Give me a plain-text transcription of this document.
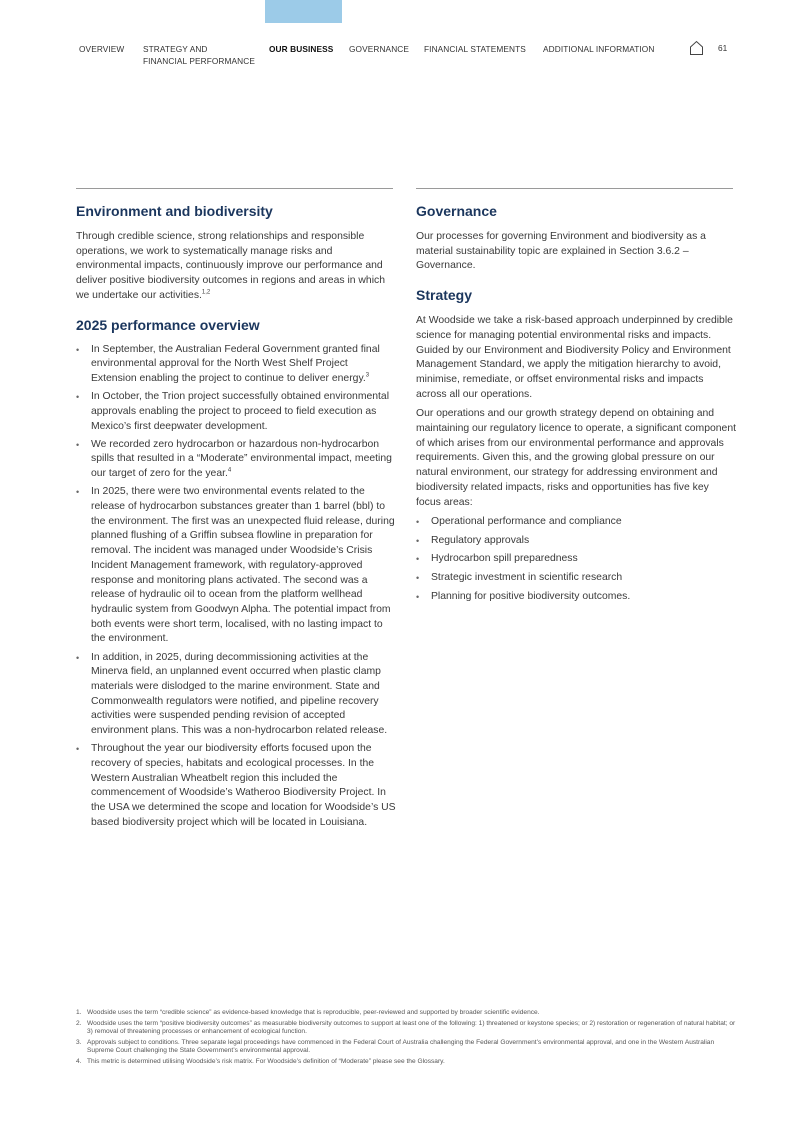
OVERVIEW STRATEGY AND
FINANCIAL PERFORMANCE
OUR BUSINESS GOVERNANCE FINANCIAL STATEMENTS ADDITIONAL INFORMATION	61
Environment and biodiversity

Through credible science, strong relationships and responsible operations, we work to systematically manage risks and environmental impacts, continuously improve our performance and deliver positive biodiversity outcomes in regions and areas in which we undertake our activities.$^{1,2}$

2025 performance overview
• In September, the Australian Federal Government granted final environmental approval for the North West Shelf Project Extension enabling the project to continue to deliver energy.$^3$
• In October, the Trion project successfully obtained environmental approvals enabling the project to proceed to field execution as Mexico’s first deepwater development.
• We recorded zero hydrocarbon or hazardous non-hydrocarbon spills that resulted in a “Moderate” environmental impact, meeting our target of zero for the year.$^4$
• In 2025, there were two environmental events related to the release of hydrocarbon substances greater than 1 barrel (bbl) to the environment. The first was an unexpected fluid release, during planned flushing of a Griffin subsea flowline in preparation for removal. The incident was managed under Woodside’s Crisis Incident Management framework, with regulatory-approved response and monitoring plans activated. The second was a release of hydraulic oil to ocean from the platform wellhead hydraulic system from Goodwyn Alpha. The potential impact from both events were short term, localised, with no lasting impact to the environment.
• In addition, in 2025, during decommissioning activities at the Minerva field, an unplanned event occurred when plastic clamp materials were dislodged to the marine environment. State and Commonwealth regulators were notified, and pipeline recovery activities were suspended pending revision of accepted environment plans. This was a non-hydrocarbon related release.
• Throughout the year our biodiversity efforts focused upon the recovery of species, habitats and ecological processes. In the Western Australian Wheatbelt region this included the commencement of Woodside’s Watheroo Biodiversity Project. In the USA we determined the scope and location for Woodside’s US based biodiversity project which will be located in Louisiana.
Governance

Our processes for governing Environment and biodiversity as a material sustainability topic are explained in Section 3.6.2 – Governance.

Strategy

At Woodside we take a risk-based approach underpinned by credible science for managing potential environmental risks and impacts. Guided by our Environment and Biodiversity Policy and Environment Management Standard, we apply the mitigation hierarchy to avoid, minimise, remediate, or offset environmental risks and impacts across all our operations.

Our operations and our growth strategy depend on obtaining and maintaining our regulatory licence to operate, a significant component of which arises from our environmental performance and approvals requirements. Given this, and the growing global pressure on our natural environment, our strategy for addressing environment and biodiversity related impacts, risks and opportunities has five key focus areas:

• Operational performance and compliance
• Regulatory approvals
• Hydrocarbon spill preparedness
• Strategic investment in scientific research
• Planning for positive biodiversity outcomes.
1. Woodside uses the term “credible science” as evidence-based knowledge that is reproducible, peer-reviewed and supported by broader scientific evidence.
2. Woodside uses the term “positive biodiversity outcomes” as measurable biodiversity outcomes to support at least one of the following: 1) threatened or keystone species; or 2) restoration or regeneration of natural habitat; or 3) removal of threatening processes or enhancement of ecological function.
3. Approvals subject to conditions. Three separate legal proceedings have commenced in the Federal Court of Australia challenging the Federal Government’s environmental approval, and one in the Western Australian Supreme Court challenging the State Government’s environmental approval.
4. This metric is determined utilising Woodside’s risk matrix. For Woodside’s definition of “Moderate” please see the Glossary.
